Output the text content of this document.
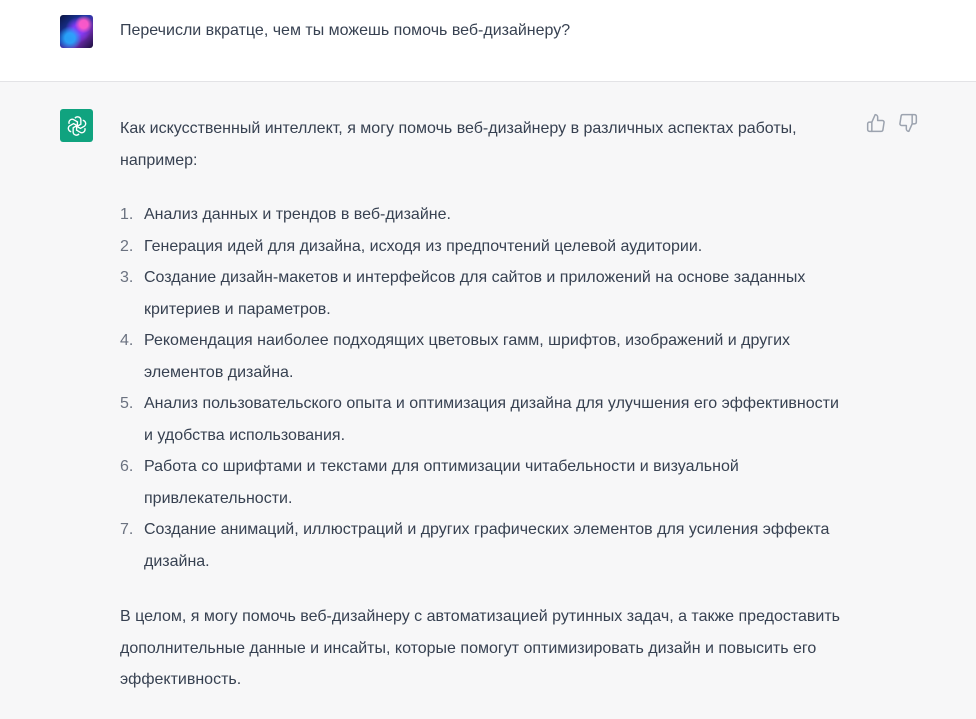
Перечисли вкратце, чем ты можешь помочь веб-дизайнеру?

Как искусственный интеллект, я могу помочь веб-дизайнеру в различных аспектах работы, например:

1. Анализ данных и трендов в веб-дизайне.
2. Генерация идей для дизайна, исходя из предпочтений целевой аудитории.
3. Создание дизайн-макетов и интерфейсов для сайтов и приложений на основе заданных критериев и параметров.
4. Рекомендация наиболее подходящих цветовых гамм, шрифтов, изображений и других элементов дизайна.
5. Анализ пользовательского опыта и оптимизация дизайна для улучшения его эффективности и удобства использования.
6. Работа со шрифтами и текстами для оптимизации читабельности и визуальной привлекательности.
7. Создание анимаций, иллюстраций и других графических элементов для усиления эффекта дизайна.

В целом, я могу помочь веб-дизайнеру с автоматизацией рутинных задач, а также предоставить дополнительные данные и инсайты, которые помогут оптимизировать дизайн и повысить его эффективность.
